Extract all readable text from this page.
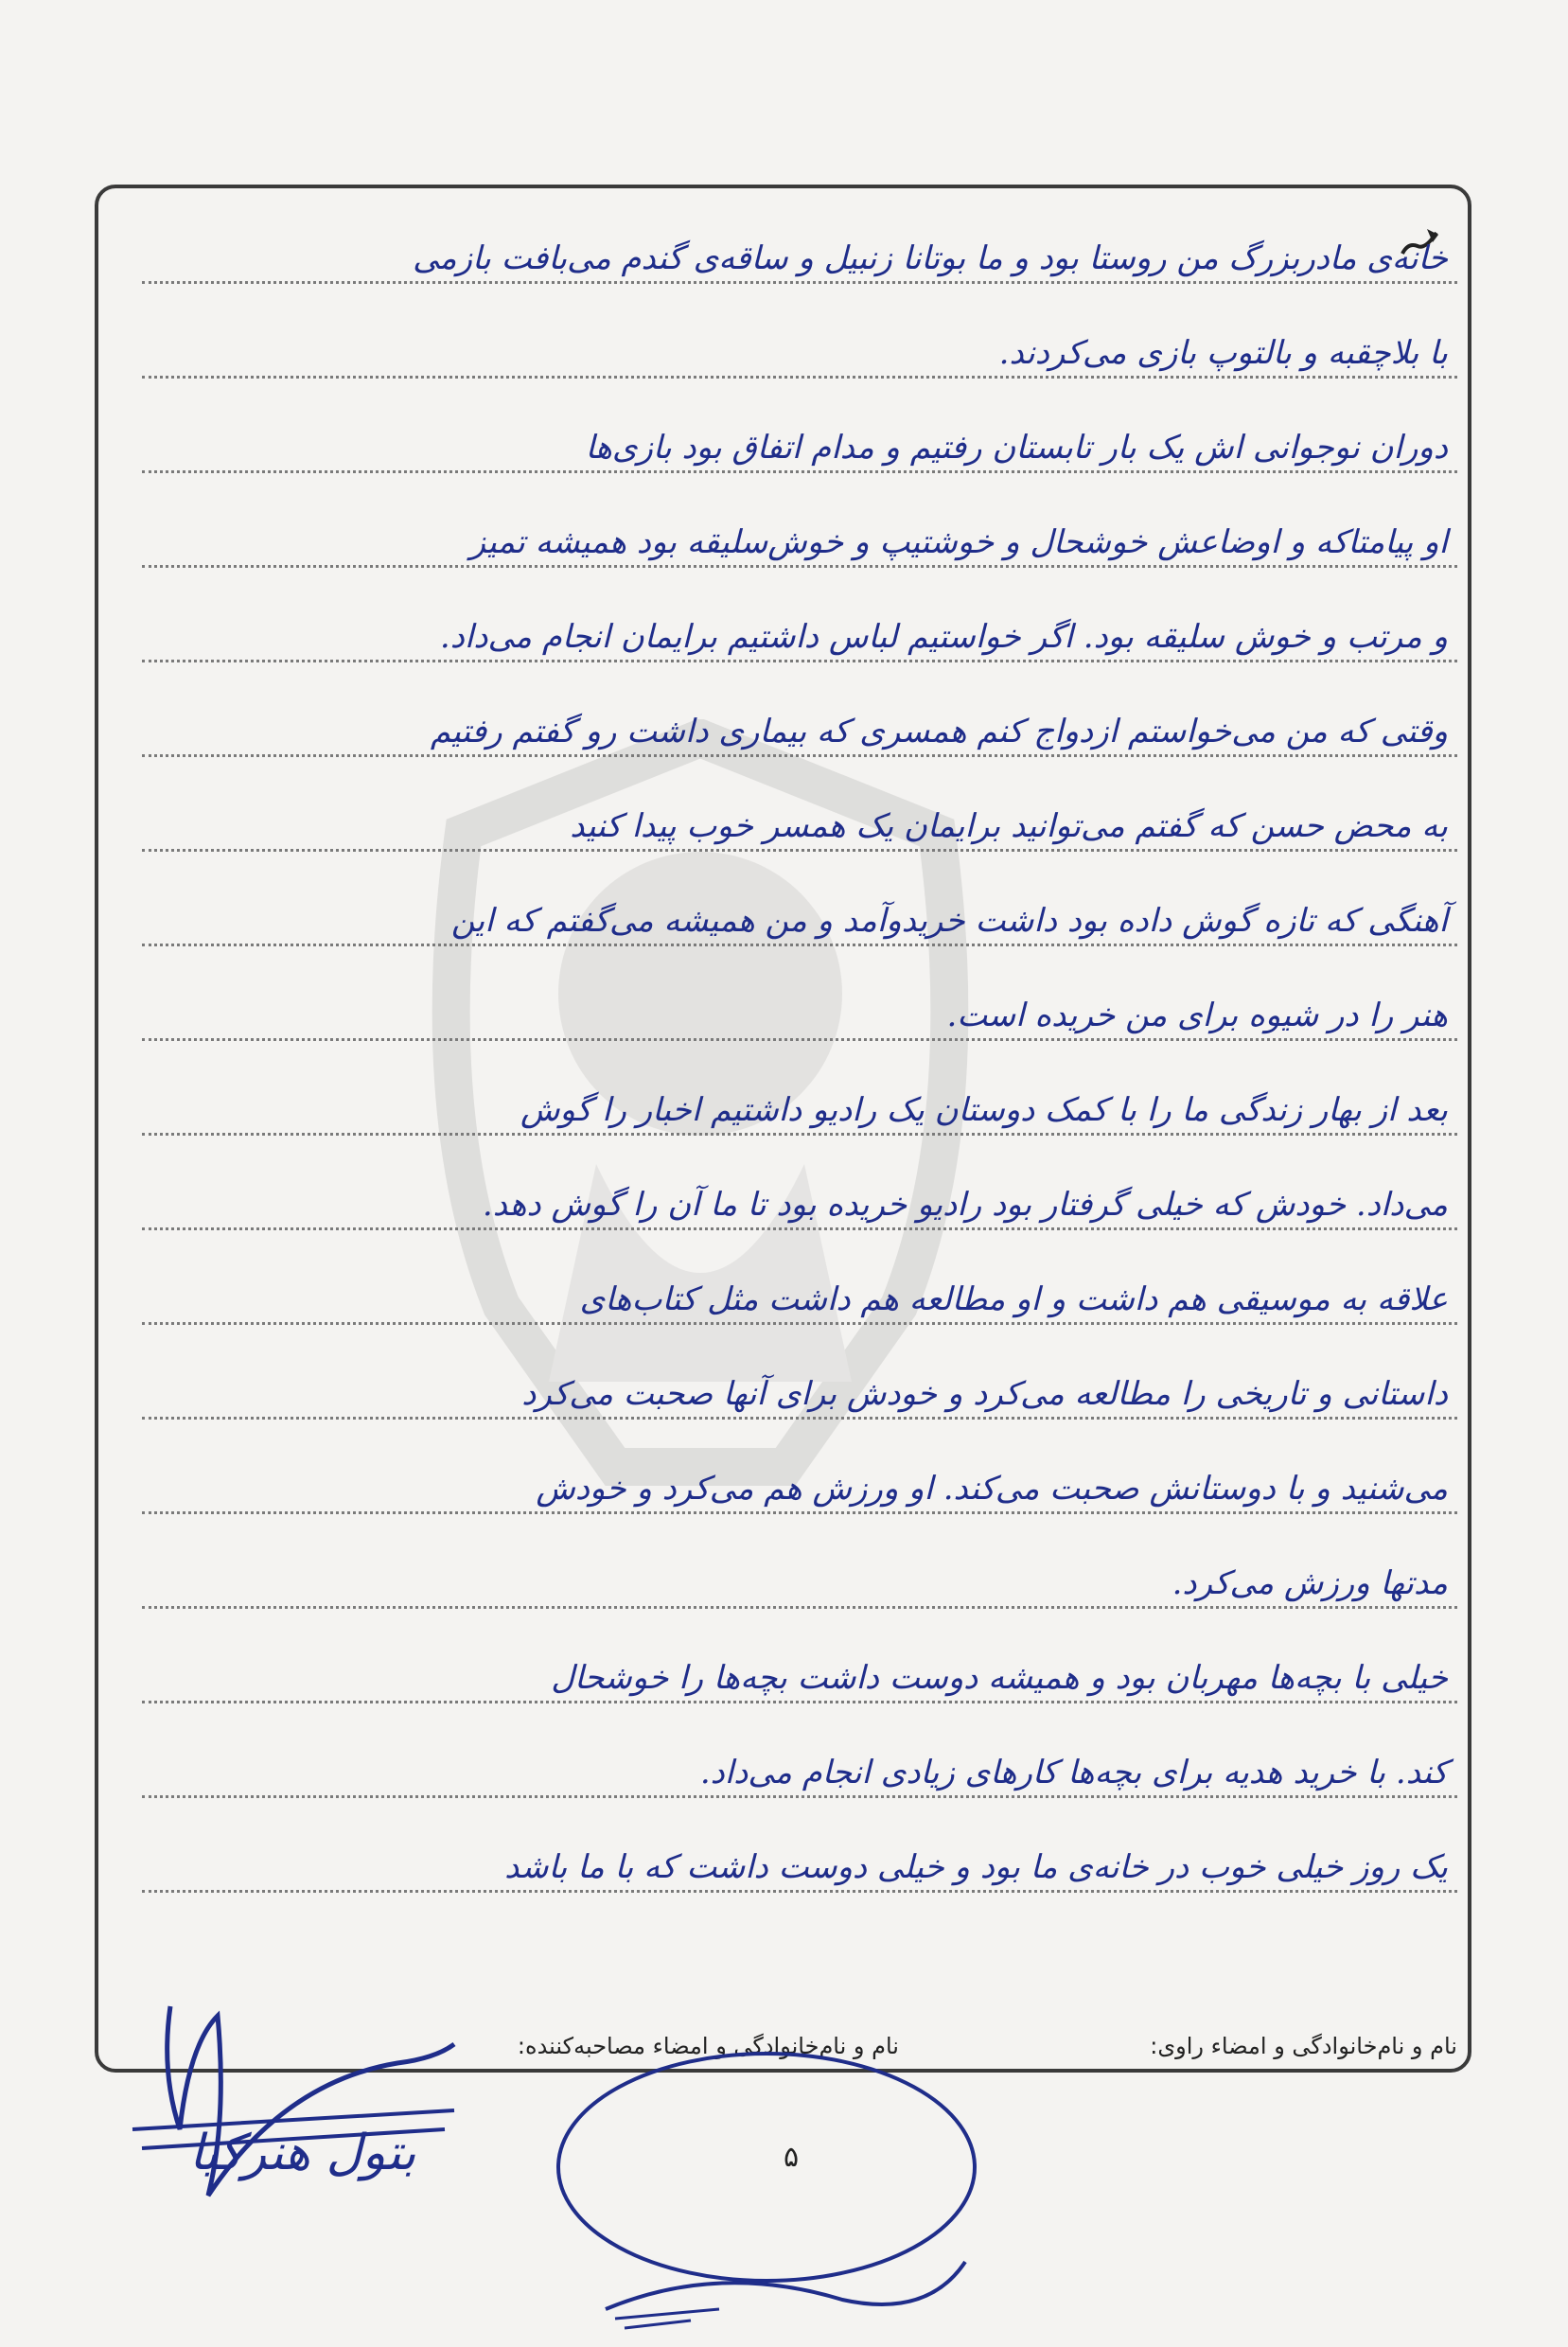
خانه‌ی مادربزرگ من روستا بود و ما بوتانا زنبیل و ساقه‌ی گندم می‌بافت بازمی
با بلاچقبه و بالتوپ بازی می‌کردند.
دوران نوجوانی اش یک بار تابستان رفتیم و مدام اتفاق بود بازی‌ها
او پیامتاکه و اوضاعش خوشحال و خوشتیپ و خوش‌سلیقه بود همیشه تمیز
و مرتب و خوش سلیقه بود. اگر خواستیم لباس داشتیم برایمان انجام می‌داد.
وقتی که من می‌خواستم ازدواج کنم همسری که بیماری داشت رو گفتم رفتیم
به محض حسن که گفتم می‌توانید برایمان یک همسر خوب پیدا کنید
آهنگی که تازه گوش داده بود داشت خریدوآمد و من همیشه می‌گفتم که این
هنر را در شیوه برای من خریده است.
بعد از بهار زندگی ما را با کمک دوستان یک رادیو داشتیم اخبار را گوش
می‌داد. خودش که خیلی گرفتار بود رادیو خریده بود تا ما آن را گوش دهد.
علاقه به موسیقی هم داشت و او مطالعه هم داشت مثل کتاب‌های
داستانی و تاریخی را مطالعه می‌کرد و خودش برای آنها صحبت می‌کرد
می‌شنید و با دوستانش صحبت می‌کند. او ورزش هم می‌کرد و خودش
مدتها ورزش می‌کرد.
خیلی با بچه‌ها مهربان بود و همیشه دوست داشت بچه‌ها را خوشحال
کند. با خرید هدیه برای بچه‌ها کارهای زیادی انجام می‌داد.
یک روز خیلی خوب در خانه‌ی ما بود و خیلی دوست داشت که با ما باشد
نام و نام‌خانوادگی و امضاء راوی:
نام و نام‌خانوادگی و امضاء مصاحبه‌کننده:
بتول هنرکیا	۵
